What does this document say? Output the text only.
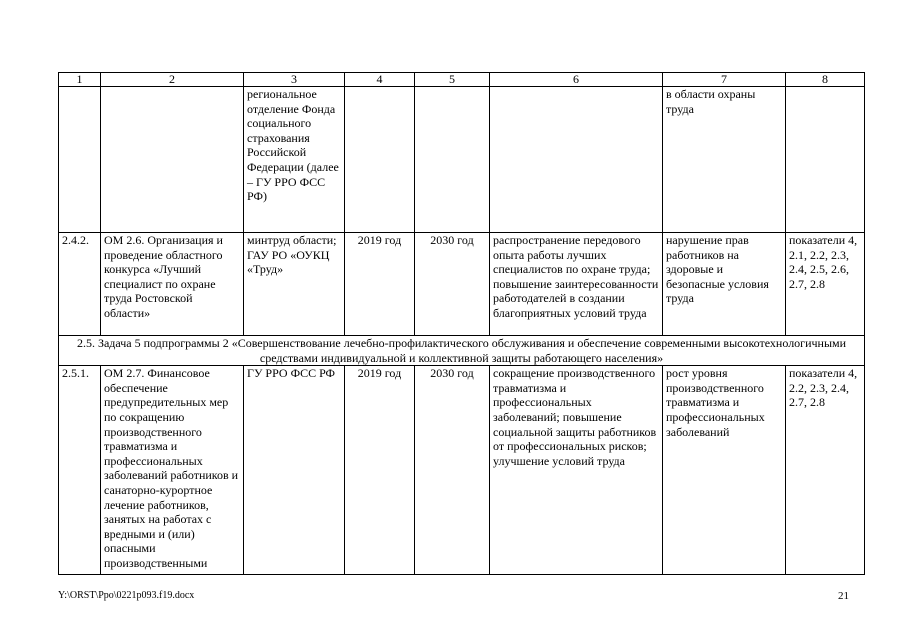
1	2	3	4	5	6	7	8
		региональное отделение Фонда социального страхования Российской Федерации (далее – ГУ РРО ФСС РФ)				в области охраны труда	
2.4.2.	ОМ 2.6. Организация и проведение областного конкурса «Лучший специалист по охране труда Ростовской области»	минтруд области; ГАУ РО «ОУКЦ «Труд»	2019 год	2030 год	распространение передового опыта работы лучших специалистов по охране труда; повышение заинтересованности работодателей в создании благоприятных условий труда	нарушение прав работников на здоровые и безопасные условия труда	показатели 4, 2.1, 2.2, 2.3, 2.4, 2.5, 2.6, 2.7, 2.8
2.5. Задача 5 подпрограммы 2 «Совершенствование лечебно-профилактического обслуживания и обеспечение современными высокотехнологичными средствами индивидуальной и коллективной защиты работающего населения»							
2.5.1.	ОМ 2.7. Финансовое обеспечение предупредительных мер по сокращению производственного травматизма и профессиональных заболеваний работников и санаторно-курортное лечение работников, занятых на работах с вредными и (или) опасными производственными	ГУ РРО ФСС РФ	2019 год	2030 год	сокращение производственного травматизма и профессиональных заболеваний; повышение социальной защиты работников от профессиональных рисков; улучшение условий труда	рост уровня производственного травматизма и профессиональных заболеваний	показатели 4, 2.2, 2.3, 2.4, 2.7, 2.8
Y:\ORST\Ppo\0221p093.f19.docx	21
